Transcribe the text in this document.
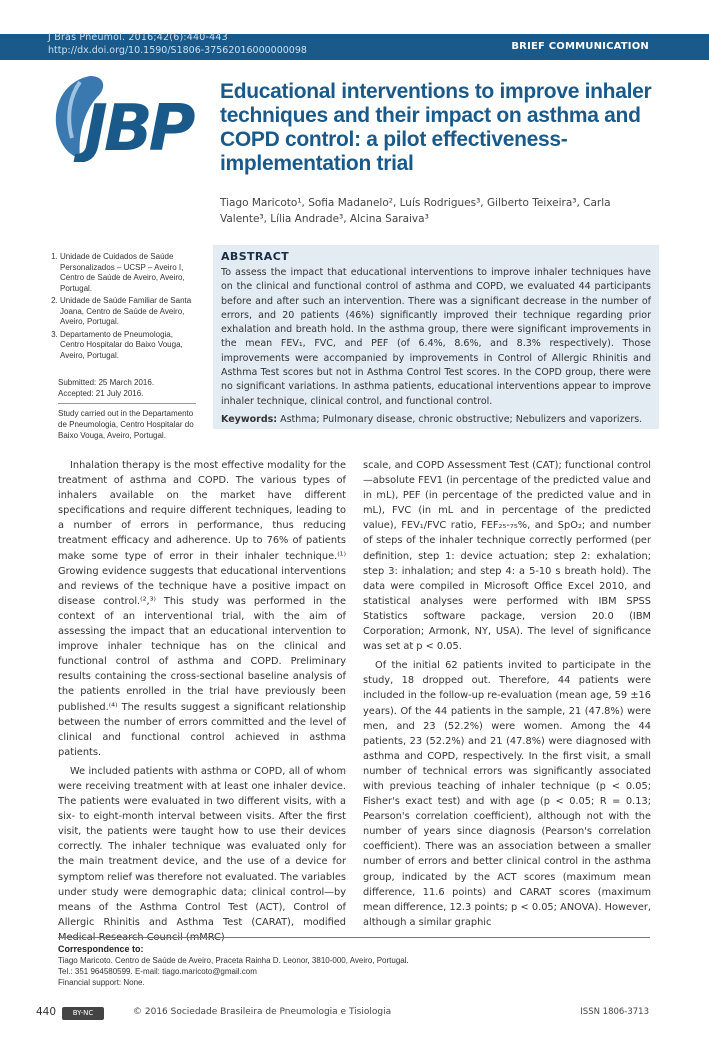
J Bras Pneumol. 2016;42(6):440-443
http://dx.doi.org/10.1590/S1806-37562016000000098	BRIEF COMMUNICATION
JBP
Educational interventions to improve inhaler techniques and their impact on asthma and COPD control: a pilot effectiveness-implementation trial
Tiago Maricoto¹, Sofia Madanelo², Luís Rodrigues³, Gilberto Teixeira³, Carla Valente³, Lília Andrade³, Alcina Saraiva³
1. Unidade de Cuidados de Saúde Personalizados – UCSP – Aveiro I, Centro de Saúde de Aveiro, Aveiro, Portugal.
2. Unidade de Saúde Familiar de Santa Joana, Centro de Saúde de Aveiro, Aveiro, Portugal.
3. Departamento de Pneumologia, Centro Hospitalar do Baixo Vouga, Aveiro, Portugal.
Submitted: 25 March 2016.
Accepted: 21 July 2016.
Study carried out in the Departamento de Pneumologia, Centro Hospitalar do Baixo Vouga, Aveiro, Portugal.
ABSTRACT
To assess the impact that educational interventions to improve inhaler techniques have on the clinical and functional control of asthma and COPD, we evaluated 44 participants before and after such an intervention. There was a significant decrease in the number of errors, and 20 patients (46%) significantly improved their technique regarding prior exhalation and breath hold. In the asthma group, there were significant improvements in the mean FEV₁, FVC, and PEF (of 6.4%, 8.6%, and 8.3% respectively). Those improvements were accompanied by improvements in Control of Allergic Rhinitis and Asthma Test scores but not in Asthma Control Test scores. In the COPD group, there were no significant variations. In asthma patients, educational interventions appear to improve inhaler technique, clinical control, and functional control.
Keywords: Asthma; Pulmonary disease, chronic obstructive; Nebulizers and vaporizers.

Inhalation therapy is the most effective modality for the treatment of asthma and COPD. The various types of inhalers available on the market have different specifications and require different techniques, leading to a number of errors in performance, thus reducing treatment efficacy and adherence. Up to 76% of patients make some type of error in their inhaler technique.⁽¹⁾ Growing evidence suggests that educational interventions and reviews of the technique have a positive impact on disease control.⁽²,³⁾ This study was performed in the context of an interventional trial, with the aim of assessing the impact that an educational intervention to improve inhaler technique has on the clinical and functional control of asthma and COPD. Preliminary results containing the cross-sectional baseline analysis of the patients enrolled in the trial have previously been published.⁽⁴⁾ The results suggest a significant relationship between the number of errors committed and the level of clinical and functional control achieved in asthma patients.

We included patients with asthma or COPD, all of whom were receiving treatment with at least one inhaler device. The patients were evaluated in two different visits, with a six- to eight-month interval between visits. After the first visit, the patients were taught how to use their devices correctly. The inhaler technique was evaluated only for the main treatment device, and the use of a device for symptom relief was therefore not evaluated. The variables under study were demographic data; clinical control—by means of the Asthma Control Test (ACT), Control of Allergic Rhinitis and Asthma Test (CARAT), modified Medical Research Council (mMRC)

scale, and COPD Assessment Test (CAT); functional control—absolute FEV1 (in percentage of the predicted value and in mL), PEF (in percentage of the predicted value and in mL), FVC (in mL and in percentage of the predicted value), FEV₁/FVC ratio, FEF₂₅-₇₅%, and SpO₂; and number of steps of the inhaler technique correctly performed (per definition, step 1: device actuation; step 2: exhalation; step 3: inhalation; and step 4: a 5-10 s breath hold). The data were compiled in Microsoft Office Excel 2010, and statistical analyses were performed with IBM SPSS Statistics software package, version 20.0 (IBM Corporation; Armonk, NY, USA). The level of significance was set at p < 0.05.

Of the initial 62 patients invited to participate in the study, 18 dropped out. Therefore, 44 patients were included in the follow-up re-evaluation (mean age, 59 ±16 years). Of the 44 patients in the sample, 21 (47.8%) were men, and 23 (52.2%) were women. Among the 44 patients, 23 (52.2%) and 21 (47.8%) were diagnosed with asthma and COPD, respectively. In the first visit, a small number of technical errors was significantly associated with previous teaching of inhaler technique (p < 0.05; Fisher's exact test) and with age (p < 0.05; R = 0.13; Pearson's correlation coefficient), although not with the number of years since diagnosis (Pearson's correlation coefficient). There was an association between a smaller number of errors and better clinical control in the asthma group, indicated by the ACT scores (maximum mean difference, 11.6 points) and CARAT scores (maximum mean difference, 12.3 points; p < 0.05; ANOVA). However, although a similar graphic

Correspondence to:
Tiago Maricoto. Centro de Saúde de Aveiro, Praceta Rainha D. Leonor, 3810-000, Aveiro, Portugal.
Tel.: 351 964580599. E-mail: tiago.maricoto@gmail.com
Financial support: None.
440	BY-NC	© 2016 Sociedade Brasileira de Pneumologia e Tisiologia	ISSN 1806-3713
